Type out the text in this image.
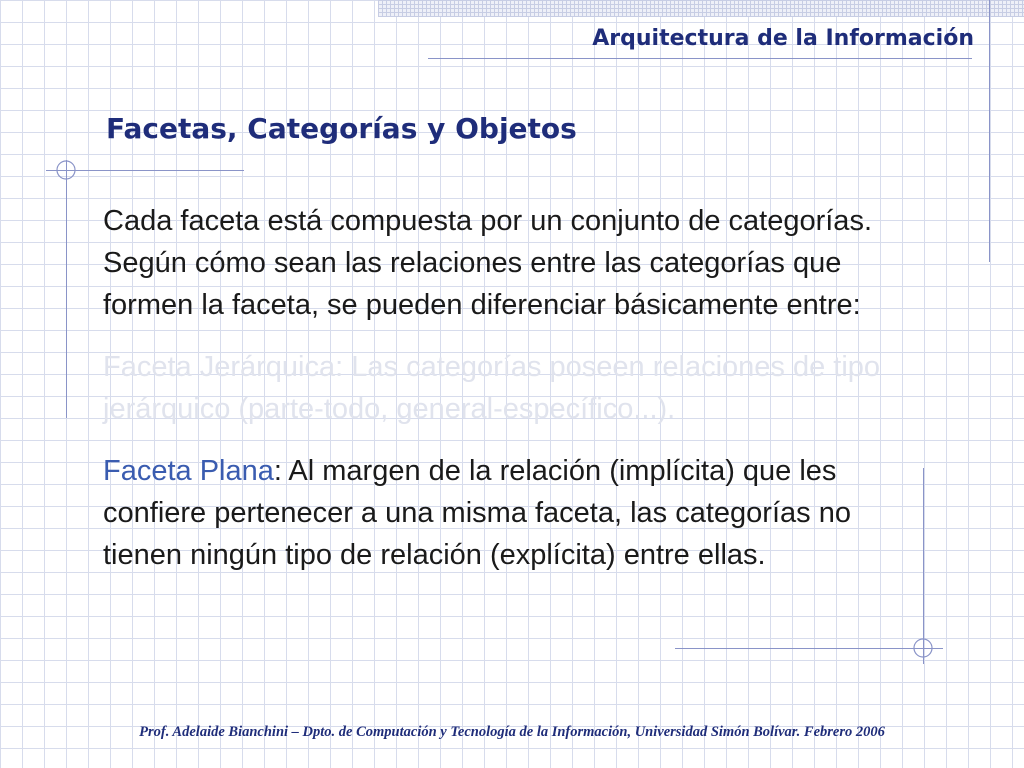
Arquitectura de la Información
Facetas, Categorías y Objetos

Cada faceta está compuesta por un conjunto de categorías. Según cómo sean las relaciones entre las categorías que formen la faceta, se pueden diferenciar básicamente entre:

Faceta Jerárquica: Las categorías poseen relaciones de tipo jerárquico (parte-todo, general-específico...).

Faceta Plana: Al margen de la relación (implícita) que les confiere pertenecer a una misma faceta, las categorías no tienen ningún tipo de relación (explícita) entre ellas.

Prof. Adelaide Bianchini – Dpto. de Computación y Tecnología de la Información, Universidad Simón Bolívar. Febrero 2006
